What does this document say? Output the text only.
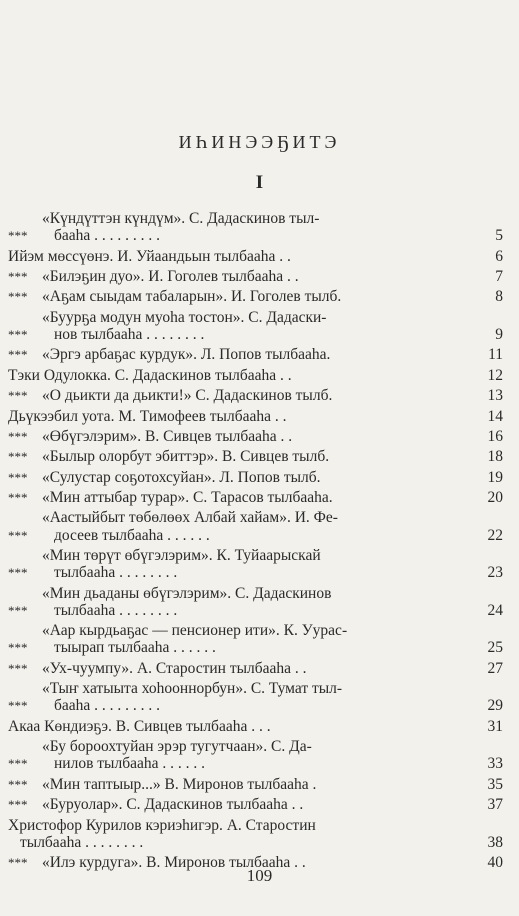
ИҺИНЭЭҔИТЭ
I
***
«Күндүттэн күндүм». С. Дадаскинов тыл-
бааһа . . . . . . . . .	5
Ийэм мөссүөнэ. И. Уйаандьын тылбааһа . .	6
*** «Билэҕин дуо». И. Гоголев тылбааһа . .	7
*** «Аҕам сыыдам табаларын». И. Гоголев тылб.	8
***
«Буурҕа модун муоһа тостон». С. Дадаски-
нов тылбааһа . . . . . . . .	9
*** «Эргэ арбаҕас курдук». Л. Попов тылбааһа.	11
Тэки Одулокка. С. Дадаскинов тылбааһа . .	12
*** «О дьикти да дьикти!» С. Дадаскинов тылб.	13
Дьүкээбил уота. М. Тимофеев тылбааһа . .	14
*** «Өбүгэлэрим». В. Сивцев тылбааһа . .	16
*** «Былыр олорбут эбиттэр». В. Сивцев тылб.	18
*** «Сулустар соҕотохсуйан». Л. Попов тылб.	19
*** «Мин аттыбар турар». С. Тарасов тылбааһа.	20
***
«Аастыйбыт төбөлөөх Албай хайам». И. Фе-
досеев тылбааһа . . . . . .	22
***
«Мин төрүт өбүгэлэрим». К. Туйаарыскай
тылбааһа . . . . . . . .	23
***
«Мин дьаданы өбүгэлэрим». С. Дадаскинов
тылбааһа . . . . . . . .	24
***
«Аар кырдьаҕас — пенсионер ити». К. Уурас-
тыырап тылбааһа . . . . . .	25
*** «Ух-чуумпу». А. Старостин тылбааһа . .	27
***
«Тыҥ хатыыта хоһооннорбун». С. Тумат тыл-
бааһа . . . . . . . . .	29
Акаа Көндиэҕэ. В. Сивцев тылбааһа . . .	31
***
«Бу бороохтуйан эрэр тугутчаан». С. Да-
нилов тылбааһа . . . . . .	33
*** «Мин таптыыр...» В. Миронов тылбааһа .	35
*** «Буруолар». С. Дадаскинов тылбааһа . .	37
Христофор Курилов кэриэһигэр. А. Старостин
тылбааһа . . . . . . . .	38
*** «Илэ курдуга». В. Миронов тылбааһа . .	40
109
